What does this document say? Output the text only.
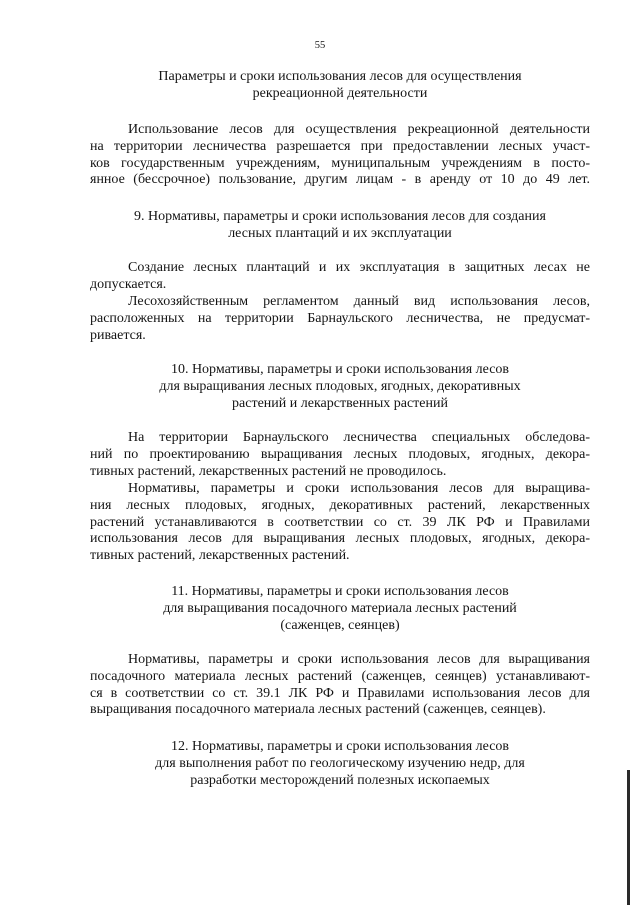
55
Параметры и сроки использования лесов для осуществления
рекреационной деятельности
Использование лесов для осуществления рекреационной деятельности
на территории лесничества разрешается при предоставлении лесных участ-
ков государственным учреждениям, муниципальным учреждениям в посто-
янное (бессрочное) пользование, другим лицам - в аренду от 10 до 49 лет.
9. Нормативы, параметры и сроки использования лесов для создания
лесных плантаций и их эксплуатации
Создание лесных плантаций и их эксплуатация в защитных лесах не
допускается.
Лесохозяйственным регламентом данный вид использования лесов,
расположенных на территории Барнаульского лесничества, не предусмат-
ривается.
10. Нормативы, параметры и сроки использования лесов
для выращивания лесных плодовых, ягодных, декоративных
растений и лекарственных растений
На территории Барнаульского лесничества специальных обследова-
ний по проектированию выращивания лесных плодовых, ягодных, декора-
тивных растений, лекарственных растений не проводилось.
Нормативы, параметры и сроки использования лесов для выращива-
ния лесных плодовых, ягодных, декоративных растений, лекарственных
растений устанавливаются в соответствии со ст. 39 ЛК РФ и Правилами
использования лесов для выращивания лесных плодовых, ягодных, декора-
тивных растений, лекарственных растений.
11. Нормативы, параметры и сроки использования лесов
для выращивания посадочного материала лесных растений
(саженцев, сеянцев)
Нормативы, параметры и сроки использования лесов для выращивания
посадочного материала лесных растений (саженцев, сеянцев) устанавливают-
ся в соответствии со ст. 39.1 ЛК РФ и Правилами использования лесов для
выращивания посадочного материала лесных растений (саженцев, сеянцев).
12. Нормативы, параметры и сроки использования лесов
для выполнения работ по геологическому изучению недр, для
разработки месторождений полезных ископаемых
